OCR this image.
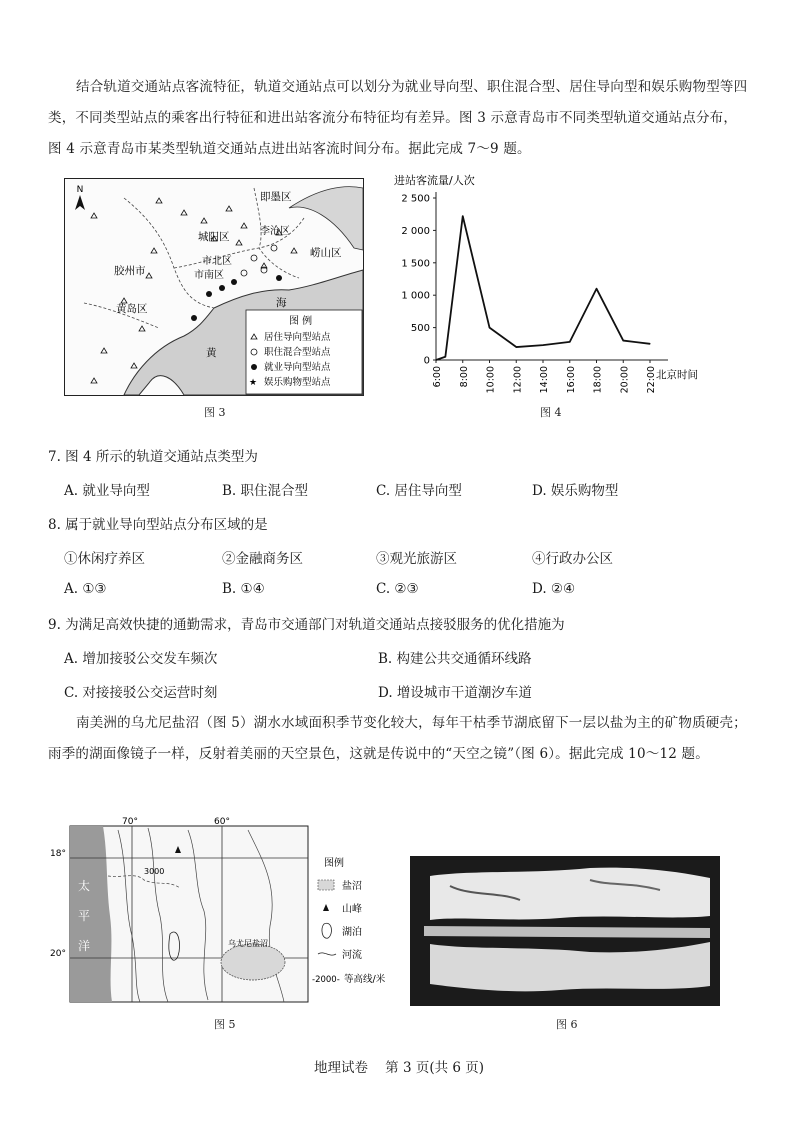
结合轨道交通站点客流特征，轨道交通站点可以划分为就业导向型、职住混合型、居住导向型和娱乐购物型等四类，不同类型站点的乘客出行特征和进出站客流分布特征均有差异。图 3 示意青岛市不同类型轨道交通站点分布，图 4 示意青岛市某类型轨道交通站点进出站客流时间分布。据此完成 7～9 题。
N
即墨区
城阳区	李沧区
崂山区
胶州市
市北区
市南区
黄岛区	海
黄
图 例
居住导向型站点
职住混合型站点
就业导向型站点
★ 娱乐购物型站点
图 3
进站客流量/人次
0
500
1 000
1 500
2 000
2 500
6:00 8:00 10:00 12:00 14:00 16:00 18:00 20:00 22:00 北京时间
图 4
7. 图 4 所示的轨道交通站点类型为
A. 就业导向型	B. 职住混合型	C. 居住导向型	D. 娱乐购物型
8. 属于就业导向型站点分布区域的是
①休闲疗养区	②金融商务区	③观光旅游区	④行政办公区
A. ①③	B. ①④	C. ②③	D. ②④
9. 为满足高效快捷的通勤需求，青岛市交通部门对轨道交通站点接驳服务的优化措施为
A. 增加接驳公交发车频次	B. 构建公共交通循环线路
C. 对接接驳公交运营时刻	D. 增设城市干道潮汐车道
南美洲的乌尤尼盐沼（图 5）湖水水域面积季节变化较大，每年干枯季节湖底留下一层以盐为主的矿物质硬壳；雨季的湖面像镜子一样，反射着美丽的天空景色，这就是传说中的“天空之镜”（图 6）。据此完成 10～12 题。
3000
乌尤尼盐沼
70°	60°
18°
20°
太
平
洋
图例
盐沼
山峰
湖泊
河流
-2000- 等高线/米
图 5	图 6
地理试卷    第 3 页(共 6 页)
